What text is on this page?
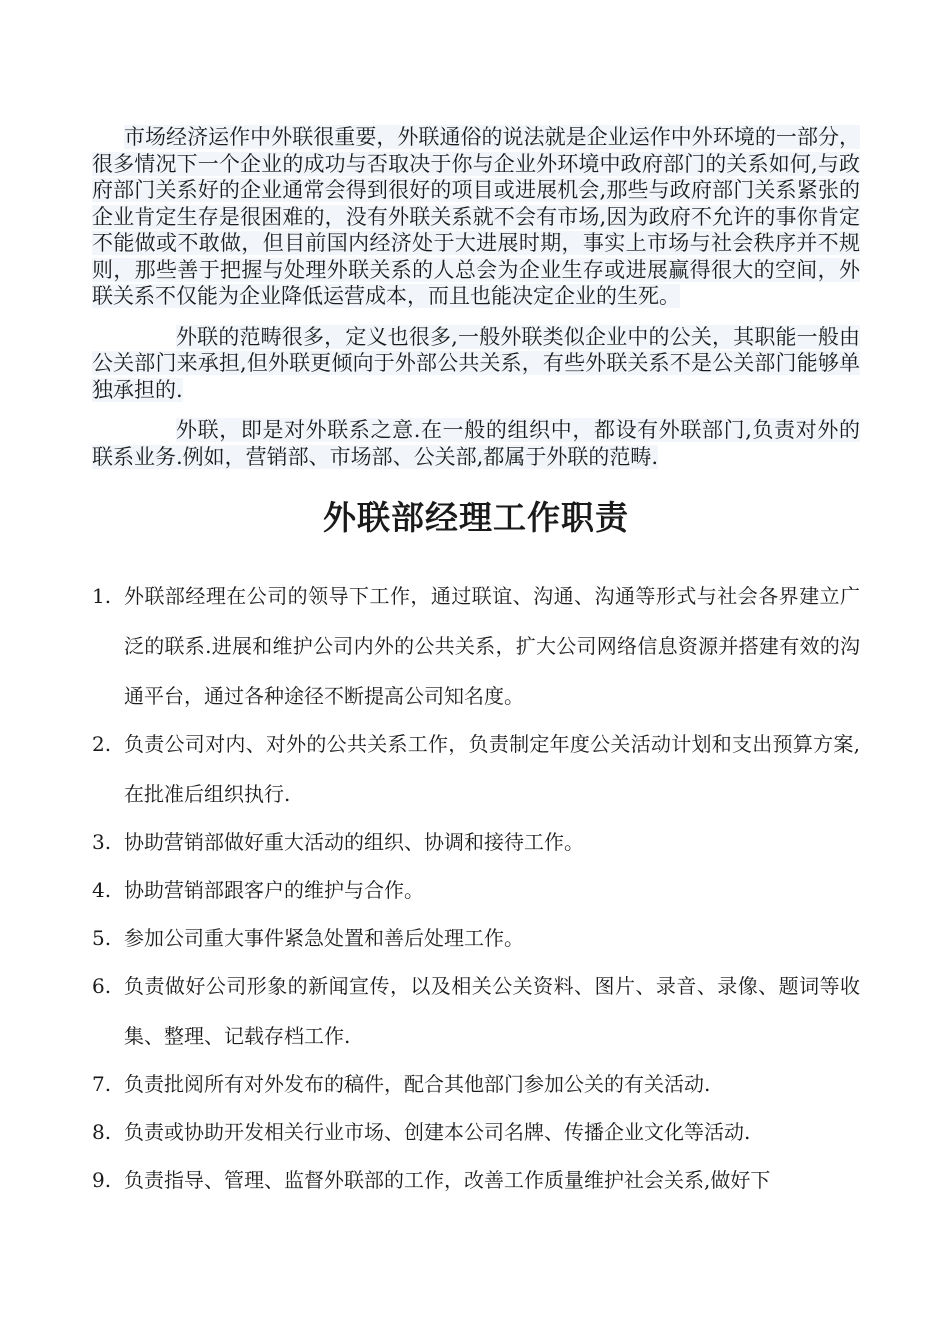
市场经济运作中外联很重要，外联通俗的说法就是企业运作中外环境的一部分，很多情况下一个企业的成功与否取决于你与企业外环境中政府部门的关系如何,与政府部门关系好的企业通常会得到很好的项目或进展机会,那些与政府部门关系紧张的企业肯定生存是很困难的，没有外联关系就不会有市场,因为政府不允许的事你肯定不能做或不敢做，但目前国内经济处于大进展时期，事实上市场与社会秩序并不规则，那些善于把握与处理外联关系的人总会为企业生存或进展赢得很大的空间，外联关系不仅能为企业降低运营成本，而且也能决定企业的生死。

外联的范畴很多，定义也很多,一般外联类似企业中的公关，其职能一般由公关部门来承担,但外联更倾向于外部公共关系，有些外联关系不是公关部门能够单独承担的.

外联，即是对外联系之意.在一般的组织中，都设有外联部门,负责对外的联系业务.例如，营销部、市场部、公关部,都属于外联的范畴.

外联部经理工作职责
1. 外联部经理在公司的领导下工作，通过联谊、沟通、沟通等形式与社会各界建立广泛的联系.进展和维护公司内外的公共关系，扩大公司网络信息资源并搭建有效的沟通平台，通过各种途径不断提高公司知名度。
2. 负责公司对内、对外的公共关系工作，负责制定年度公关活动计划和支出预算方案,在批准后组织执行.
3. 协助营销部做好重大活动的组织、协调和接待工作。
4. 协助营销部跟客户的维护与合作。
5. 参加公司重大事件紧急处置和善后处理工作。
6. 负责做好公司形象的新闻宣传，以及相关公关资料、图片、录音、录像、题词等收集、整理、记载存档工作.
7. 负责批阅所有对外发布的稿件，配合其他部门参加公关的有关活动.
8. 负责或协助开发相关行业市场、创建本公司名牌、传播企业文化等活动.
9. 负责指导、管理、监督外联部的工作，改善工作质量维护社会关系,做好下
